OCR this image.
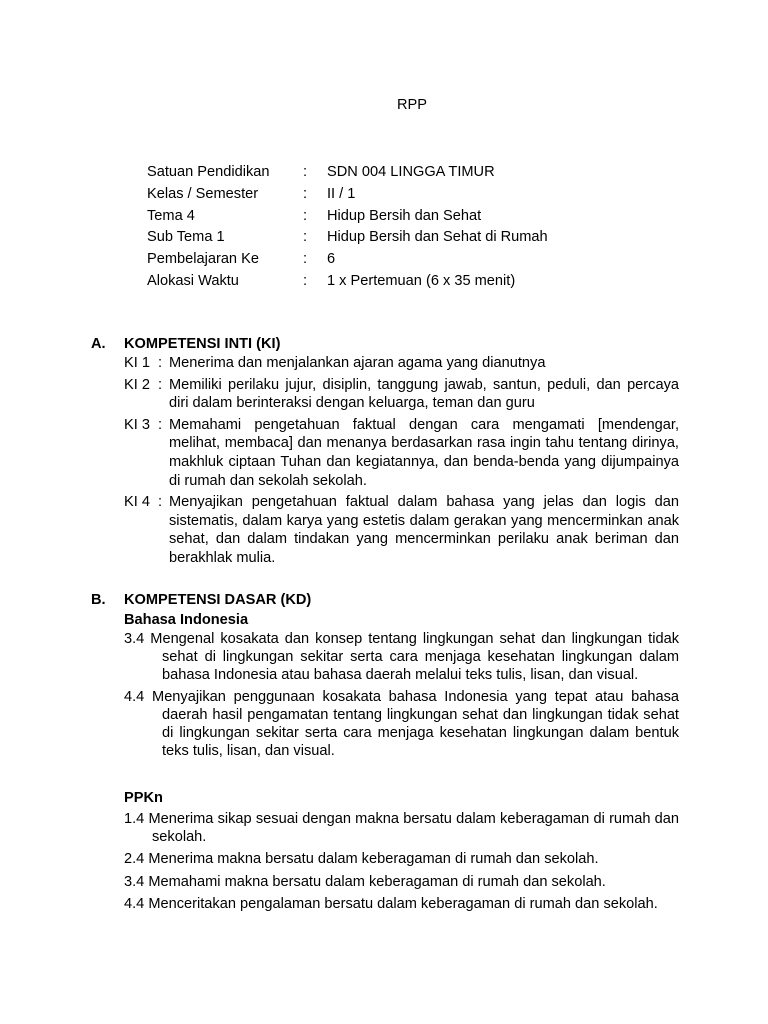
RPP
Satuan Pendidikan : SDN 004 LINGGA TIMUR
Kelas / Semester	: II / 1
Tema 4	: Hidup Bersih dan Sehat
Sub Tema 1	: Hidup Bersih dan Sehat di Rumah
Pembelajaran Ke	: 6
Alokasi Waktu	: 1 x Pertemuan (6 x 35 menit)
A.	KOMPETENSI INTI (KI)
KI 1 : Menerima dan menjalankan ajaran agama yang dianutnya
KI 2 : Memiliki perilaku jujur, disiplin, tanggung jawab, santun, peduli, dan percaya diri dalam berinteraksi dengan keluarga, teman dan guru
KI 3 : Memahami pengetahuan faktual dengan cara mengamati [mendengar, melihat, membaca] dan menanya berdasarkan rasa ingin tahu tentang dirinya, makhluk ciptaan Tuhan dan kegiatannya, dan benda-benda yang dijumpainya di rumah dan sekolah sekolah.
KI 4 : Menyajikan pengetahuan faktual dalam bahasa yang jelas dan logis dan sistematis, dalam karya yang estetis dalam gerakan yang mencerminkan anak sehat, dan dalam tindakan yang mencerminkan perilaku anak beriman dan berakhlak mulia.
B.	KOMPETENSI DASAR (KD)
Bahasa Indonesia
3.4 Mengenal kosakata dan konsep tentang lingkungan sehat dan lingkungan tidak sehat di lingkungan sekitar serta cara menjaga kesehatan lingkungan dalam bahasa Indonesia atau bahasa daerah melalui teks tulis, lisan, dan visual.
4.4 Menyajikan penggunaan kosakata bahasa Indonesia yang tepat atau bahasa daerah hasil pengamatan tentang lingkungan sehat dan lingkungan tidak sehat di lingkungan sekitar serta cara menjaga kesehatan lingkungan dalam bentuk teks tulis, lisan, dan visual.
PPKn
1.4 Menerima sikap sesuai dengan makna bersatu dalam keberagaman di rumah dan sekolah.
2.4 Menerima makna bersatu dalam keberagaman di rumah dan sekolah.
3.4 Memahami makna bersatu dalam keberagaman di rumah dan sekolah.
4.4 Menceritakan pengalaman bersatu dalam keberagaman di rumah dan sekolah.
